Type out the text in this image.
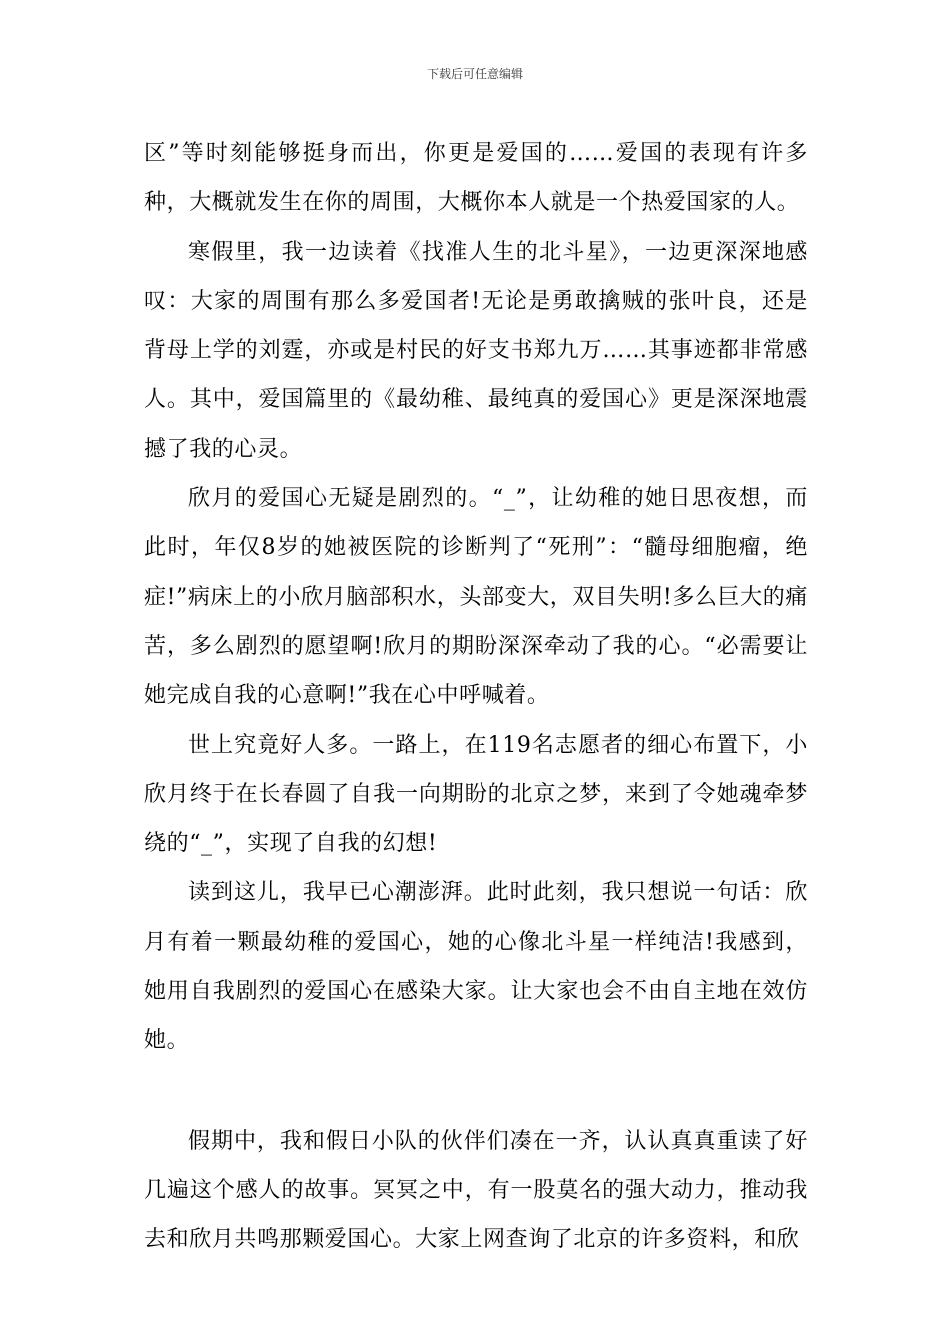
下载后可任意编辑

区”等时刻能够挺身而出，你更是爱国的……爱国的表现有许多种，大概就发生在你的周围，大概你本人就是一个热爱国家的人。

寒假里，我一边读着《找准人生的北斗星》，一边更深深地感叹：大家的周围有那么多爱国者!无论是勇敢擒贼的张叶良，还是背母上学的刘霆，亦或是村民的好支书郑九万……其事迹都非常感人。其中，爱国篇里的《最幼稚、最纯真的爱国心》更是深深地震撼了我的心灵。

欣月的爱国心无疑是剧烈的。“_”，让幼稚的她日思夜想，而此时，年仅8岁的她被医院的诊断判了“死刑”：“髓母细胞瘤，绝症!”病床上的小欣月脑部积水，头部变大，双目失明!多么巨大的痛苦，多么剧烈的愿望啊!欣月的期盼深深牵动了我的心。“必需要让她完成自我的心意啊!”我在心中呼喊着。

世上究竟好人多。一路上，在119名志愿者的细心布置下，小欣月终于在长春圆了自我一向期盼的北京之梦，来到了令她魂牵梦绕的“_”，实现了自我的幻想!

读到这儿，我早已心潮澎湃。此时此刻，我只想说一句话：欣月有着一颗最幼稚的爱国心，她的心像北斗星一样纯洁!我感到，她用自我剧烈的爱国心在感染大家。让大家也会不由自主地在效仿她。

假期中，我和假日小队的伙伴们凑在一齐，认认真真重读了好几遍这个感人的故事。冥冥之中，有一股莫名的强大动力，推动我去和欣月共鸣那颗爱国心。大家上网查询了北京的许多资料，和欣
